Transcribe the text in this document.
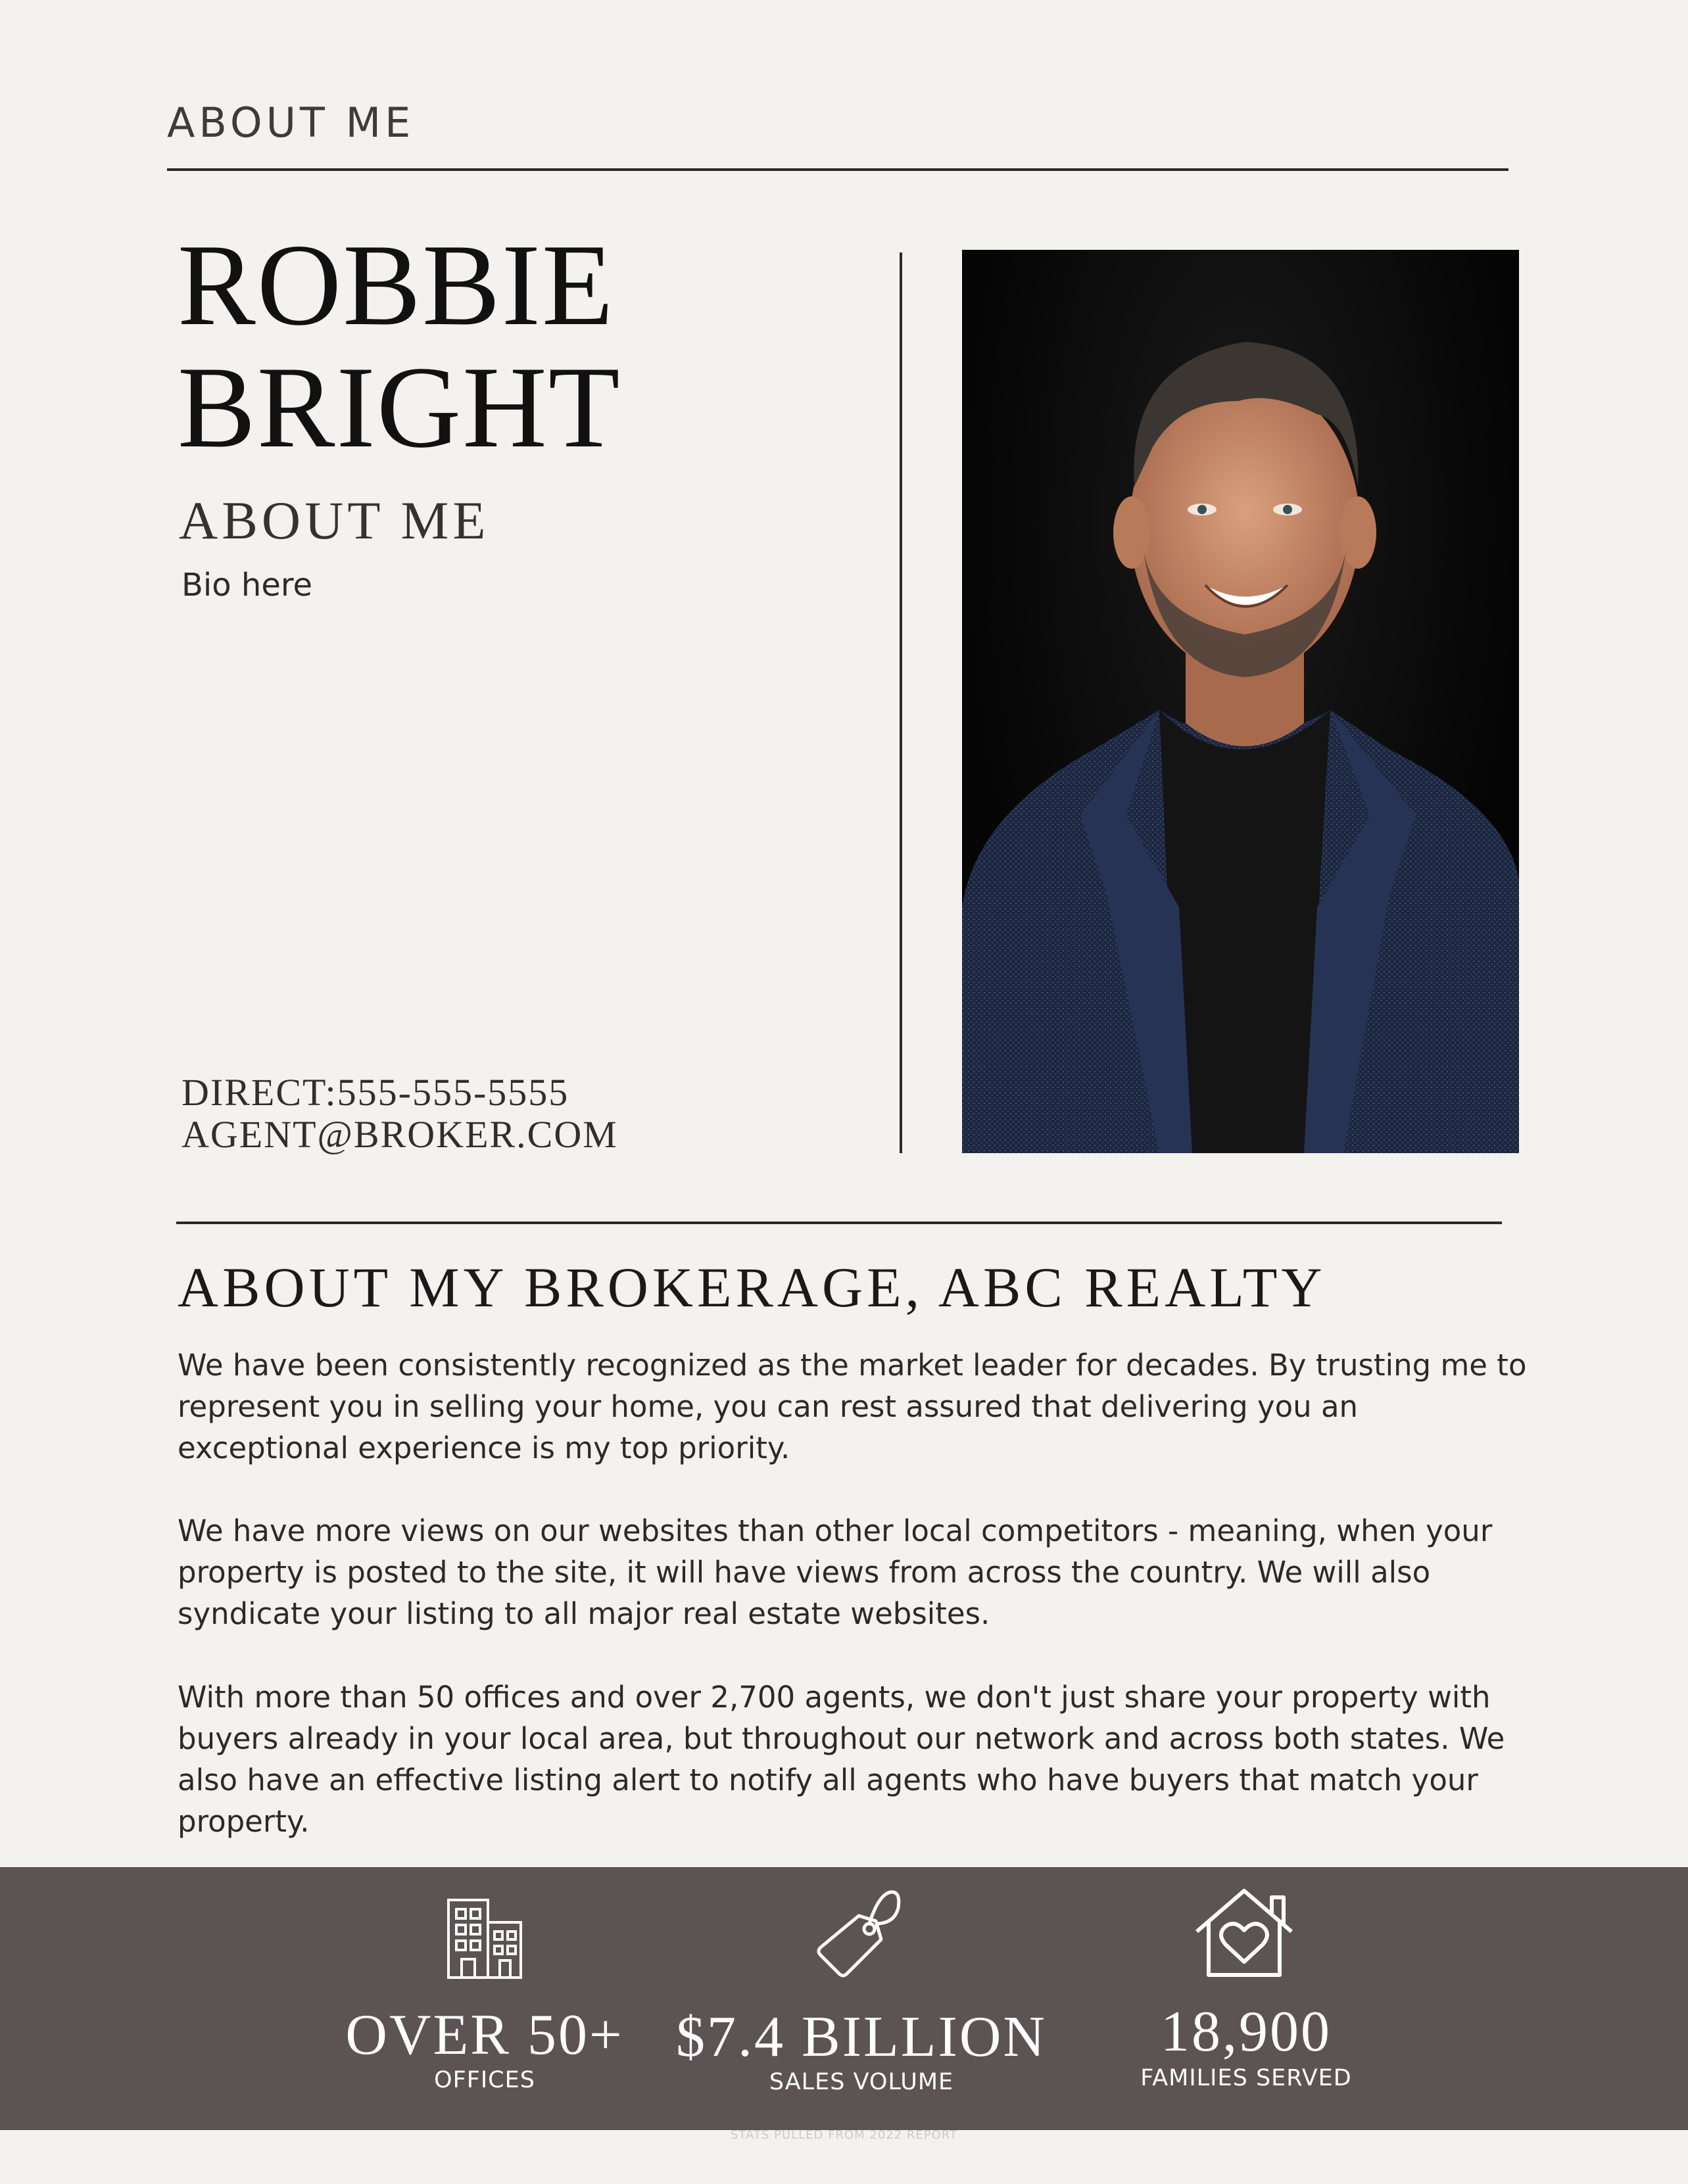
ABOUT ME
ROBBIE
BRIGHT
ABOUT ME
Bio here
DIRECT:555-555-5555
AGENT@BROKER.COM
ABOUT MY BROKERAGE, ABC REALTY
We have been consistently recognized as the market leader for decades. By trusting me to represent you in selling your home, you can rest assured that delivering you an exceptional experience is my top priority.
We have more views on our websites than other local competitors - meaning, when your property is posted to the site, it will have views from across the country. We will also syndicate your listing to all major real estate websites.
With more than 50 offices and over 2,700 agents, we don't just share your property with buyers already in your local area, but throughout our network and across both states. We also have an effective listing alert to notify all agents who have buyers that match your property.
OVER 50+
OFFICES
$7.4 BILLION
SALES VOLUME
18,900
FAMILIES SERVED
STATS PULLED FROM 2022 REPORT
